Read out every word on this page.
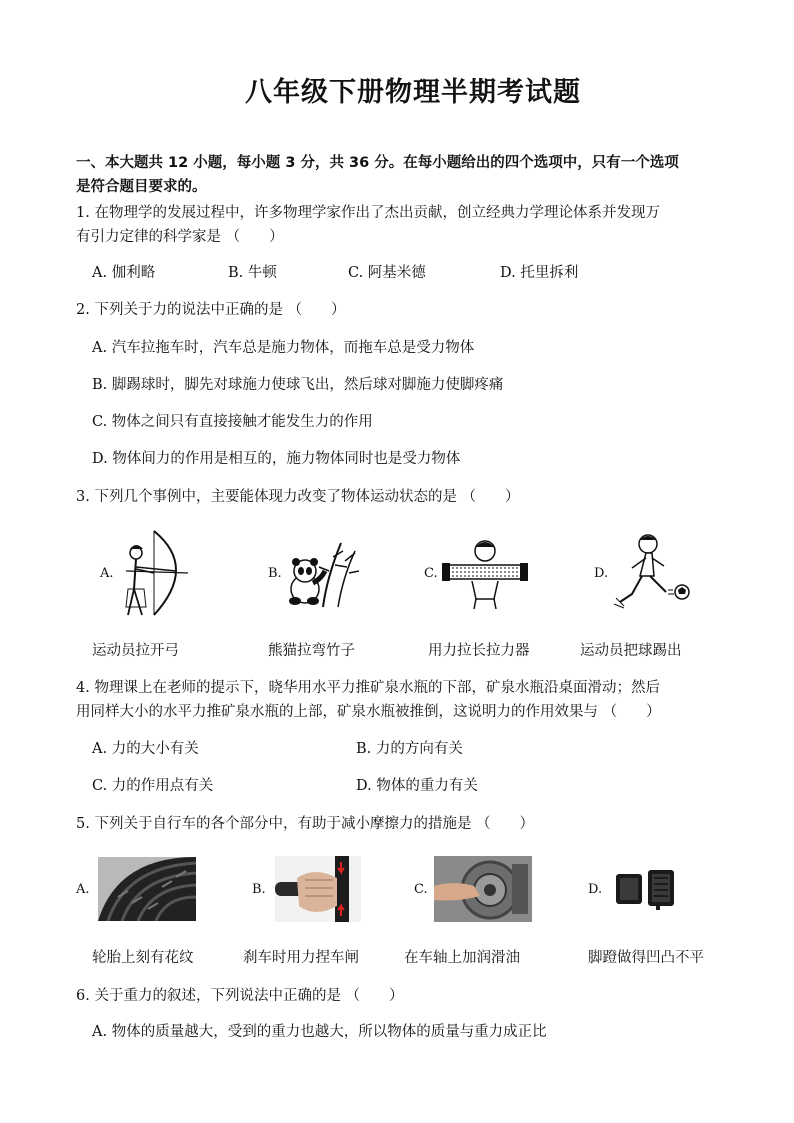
八年级下册物理半期考试题
一、本大题共 12 小题，每小题 3 分，共 36 分。在每小题给出的四个选项中，只有一个选项
是符合题目要求的。
1. 在物理学的发展过程中，许多物理学家作出了杰出贡献，创立经典力学理论体系并发现万
有引力定律的科学家是 （　　）
A. 伽利略	B. 牛顿	C. 阿基米德	D. 托里拆利
2. 下列关于力的说法中正确的是 （　　）
A. 汽车拉拖车时，汽车总是施力物体，而拖车总是受力物体
B. 脚踢球时，脚先对球施力使球飞出，然后球对脚施力使脚疼痛
C. 物体之间只有直接接触才能发生力的作用
D. 物体间力的作用是相互的，施力物体同时也是受力物体
3. 下列几个事例中，主要能体现力改变了物体运动状态的是 （　　）
A.	B.	C.	D.
运动员拉开弓	熊猫拉弯竹子	用力拉长拉力器	运动员把球踢出
4. 物理课上在老师的提示下，晓华用水平力推矿泉水瓶的下部，矿泉水瓶沿桌面滑动；然后
用同样大小的水平力推矿泉水瓶的上部，矿泉水瓶被推倒，这说明力的作用效果与 （　　）
A. 力的大小有关	B. 力的方向有关
C. 力的作用点有关	D. 物体的重力有关
5. 下列关于自行车的各个部分中，有助于减小摩擦力的措施是 （　　）
A.	B.	C.	D.
轮胎上刻有花纹	刹车时用力捏车闸	在车轴上加润滑油	脚蹬做得凹凸不平
6. 关于重力的叙述，下列说法中正确的是 （　　）
A. 物体的质量越大，受到的重力也越大，所以物体的质量与重力成正比
